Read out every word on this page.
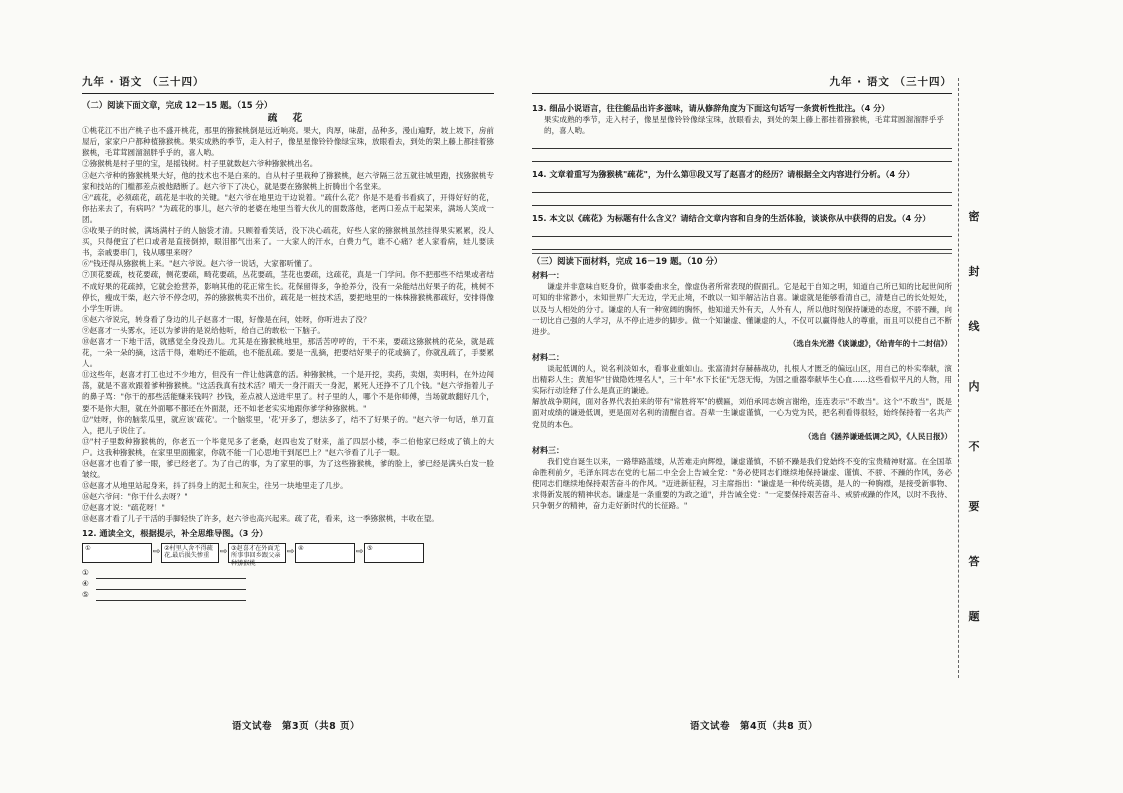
九年 · 语文 （三十四）
（二）阅读下面文章，完成 12－15 题。（15 分）
疏 花

①桃花江不出产桃子也不盛开桃花，那里的猕猴桃倒是远近响亮。果大，肉厚，味甜，品种多，漫山遍野，坡上坡下，房前屋后，家家户户都种植猕猴桃。果实成熟的季节，走入村子，像星星像铃铃像绿宝珠，放眼看去，到处的架上藤上都挂着猕猴桃，毛茸茸圆溜溜胖乎乎的，喜人哟。

②猕猴桃是村子里的宝，是摇钱树。村子里就数赵六爷种猕猴桃出名。

③赵六爷种的猕猴桃果大好，他的技术也不是白来的。自从村子里栽种了猕猴桃，赵六爷隔三岔五就往城里跑，找猕猴桃专家和技站的门槛都差点被他踏断了。赵六爷下了决心，就是要在猕猴桃上折腾出个名堂来。

④"疏花，必须疏花，疏花是丰收的关键。"赵六爷在地里边干边说着。"疏什么花？你是不是看书看疯了，开得好好的花，你拈来去了，有病吗？"为疏花的事儿，赵六爷的老婆在地里当着大伙儿的面数落他，老两口差点干起架来，满场人笑成一团。

⑤收果子的时候，满场满村子的人脑袋才清。只顾着看笑话，没下决心疏花，好些人家的猕猴桃虽然挂得果实累累，没人买，只得便宜了栏口或者是直接倒掉，眼泪都气出来了。一大家人的汗水，白费力气，谁不心痛？老人家看病，娃儿要读书，亲戚要串门，钱从哪里来呀？

⑥"钱还得从猕猴桃上来。"赵六爷说。赵六爷一说话，大家都听懂了。

⑦顶花要疏，枝花要疏，侧花要疏，畸花要疏，丛花要疏，茎花也要疏，这疏花，真是一门学问。你不把那些不结果或者结不成好果的花疏掉，它就会抢营养，影响其他的花正常生长。花保留得多，争抢养分，没有一朵能结出好果子的花，桃树不停长，瘦成干柴，赵六爷不停念叨，养的猕猴桃卖不出价，疏花是一桩技术活，要把地里的一株株猕猴桃都疏好，安排得像小学生听讲。

⑧赵六爷说完，转身看了身边的儿子赵喜才一眼，好像是在问，娃呀，你听进去了没？

⑨赵喜才一头雾水，还以为爹讲的是说给他听，给自己的敢松一下脑子。

⑩赵喜才一下地干活，就感觉全身没劲儿。尤其是在猕猴桃地里，那活苦哼哼的，干不来，要疏这猕猴桃的花朵，就是疏花，一朵一朵的摘，这活干得，难哟还不能疏，也不能乱疏。要是一乱摘，把要结好果子的花或摘了，你就乱疏了，手要累人。

⑪这些年，赵喜才打工也过不少地方，但没有一件让他满意的活。种猕猴桃，一个是开挖，卖药，卖烟，卖明料，在外边闯荡，就是不喜欢跟着爹种猕猴桃。"这活我真有技术活？晴天一身汗雨天一身泥，累死人还挣不了几个钱。"赵六爷指着儿子的鼻子骂："你干的那些活能赚来钱吗？抄钱，差点被人送进牢里了。村子里的人，哪个不是你师傅，当场就敢翻好几个，要不是你大胆，就在外面哪不都还在外面混，还不如老老实实地跟你爹学种猕猴桃。"

⑫"娃呀，你的脑浆瓜里，就应该'疏花'。一个脑浆里，'花'开多了，想法多了，结不了好果子的。"赵六爷一句话，单刀直入，把儿子说住了。

⑬"村子里数种猕猴桃的，你老五一个毕竟见多了老桑，赵四也发了财来，盖了四层小楼，李二伯他家已经成了镇上的大户。这我种猕猴桃，在家里里面搬家，你就不能一门心思地干到尾巴上？"赵六爷看了儿子一眼。

⑭赵喜才也看了爹一眼，爹已经老了。为了自己的事，为了家里的事，为了这些猕猴桃，爹的脸上，爹已经是满头白发一脸皱纹。

⑮赵喜才从地里站起身来，抖了抖身上的泥土和灰尘，往另一块地里走了几步。

⑯赵六爷问："你干什么去呀？"

⑰赵喜才说："疏花呀！"

⑱赵喜才看了儿子干活的手脚轻快了许多，赵六爷也高兴起来。疏了花，看来，这一季猕猴桃，丰收在望。

12. 通读全文，根据提示，补全思维导图。（3 分）
①	⇨ ②村里人舍不得疏花,最后损失惨重	⇨ ③赵喜才在外面无所事事回乡跟父亲种猕猴桃
⇨ ④	⇨ ⑤
①
④
⑤
语文试卷　第3页（共8 页）
九年 · 语文 （三十四）
13. 细品小说语言，往往能品出许多滋味，请从修辞角度为下面这句话写一条赏析性批注。（4 分）
果实成熟的季节，走入村子，像星星像铃铃像绿宝珠，放眼看去，到处的架上藤上都挂着猕猴桃，毛茸茸圆溜溜胖乎乎的，喜人哟。
14. 文章着重写为猕猴桃"疏花"，为什么第⑪段又写了赵喜才的经历？请根据全文内容进行分析。（4 分）
15. 本文以《疏花》为标题有什么含义？请结合文章内容和自身的生活体验，谈谈你从中获得的启发。（4 分）
（三）阅读下面材料，完成 16－19 题。（10 分）
材料一：
谦虚并非意味自贬身价，做事委曲求全，像虚伪者所常表现的假面孔。它是起于自知之明，知道自己所已知的比起世间所可知的非常渺小，未知世界广大无边，学无止境，不敢以一知半解沾沾自喜。谦虚就是能够看清自己，清楚自己的长处短处，以及与人相处的分寸。谦虚的人有一种宽阔的胸怀，他知道天外有天，人外有人，所以他时刻保持谦逊的态度，不骄不躁，向一切比自己强的人学习，从不停止进步的脚步。做一个知谦虚、懂谦虚的人，不仅可以赢得他人的尊重，而且可以使自己不断进步。
（选自朱光潜《谈谦虚》，《给青年的十二封信》）
材料二：
谈起低调的人，说名利淡如水，看事业重如山。张富清封存赫赫战功，扎根人才匮乏的偏远山区，用自己的朴实奉献，演出精彩人生；黄旭华"甘做隐姓埋名人"，三十年"水下长征"无怨无悔，为国之重器奉献毕生心血……这些看似平凡的人物，用实际行动诠释了什么是真正的谦逊。
解放战争期间，面对各界代表拍来的带有"常胜将军"的横匾，刘伯承同志婉言谢绝，连连表示"不敢当"。这个"不敢当"，既是面对成绩的谦逊低调，更是面对名利的清醒自省。吾辈一生谦虚谨慎，一心为党为民，把名利看得很轻，始终保持着一名共产党员的本色。
（选自《涵养谦逊低调之风》，《人民日报》）
材料三：
我们党自诞生以来，一路筚路蓝缕，从苦难走向辉煌，谦虚谨慎，不骄不躁是我们党始终不变的宝贵精神财富。在全国革命胜利前夕，毛泽东同志在党的七届二中全会上告诫全党："务必使同志们继续地保持谦虚、谨慎、不骄、不躁的作风，务必使同志们继续地保持艰苦奋斗的作风。"迈进新征程，习主席指出："谦虚是一种传统美德，是人的一种胸襟，是接受新事物、求得新发展的精神状态。谦虚是一条重要的为政之道"，并告诫全党："一定要保持艰苦奋斗、戒骄戒躁的作风，以时不我待、只争朝夕的精神，奋力走好新时代的长征路。"
语文试卷　第4页（共8 页）
密
封
线
内
不
要
答
题
